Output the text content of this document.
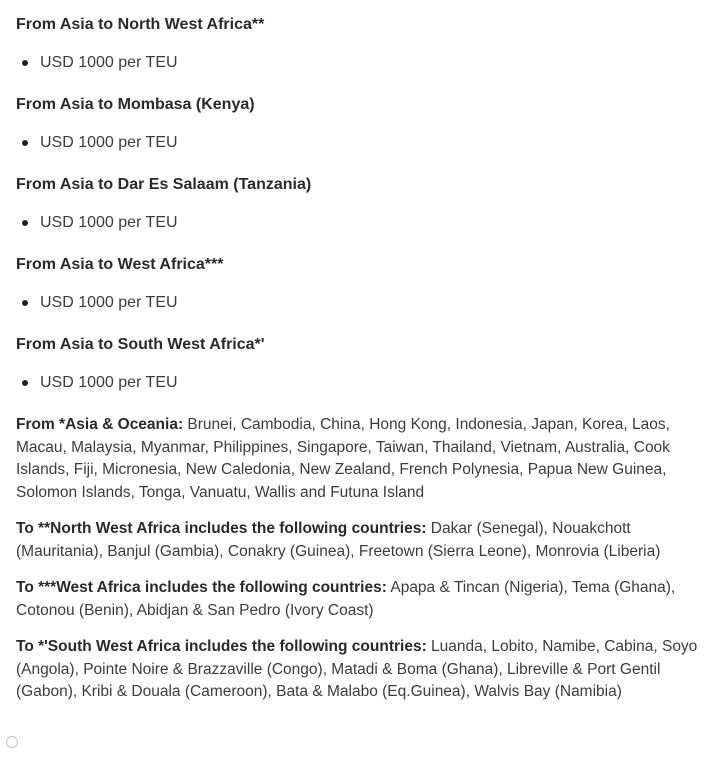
From Asia to North West Africa**
USD 1000 per TEU
From Asia to Mombasa (Kenya)
USD 1000 per TEU
From Asia to Dar Es Salaam (Tanzania)
USD 1000 per TEU
From Asia to West Africa***
USD 1000 per TEU
From Asia to South West Africa*'
USD 1000 per TEU

From *Asia & Oceania: Brunei, Cambodia, China, Hong Kong, Indonesia, Japan, Korea, Laos, Macau, Malaysia, Myanmar, Philippines, Singapore, Taiwan, Thailand, Vietnam, Australia, Cook Islands, Fiji, Micronesia, New Caledonia, New Zealand, French Polynesia, Papua New Guinea, Solomon Islands, Tonga, Vanuatu, Wallis and Futuna Island

To **North West Africa includes the following countries: Dakar (Senegal), Nouakchott (Mauritania), Banjul (Gambia), Conakry (Guinea), Freetown (Sierra Leone), Monrovia (Liberia)

To ***West Africa includes the following countries: Apapa & Tincan (Nigeria), Tema (Ghana), Cotonou (Benin), Abidjan & San Pedro (Ivory Coast)

To *'South West Africa includes the following countries: Luanda, Lobito, Namibe, Cabina, Soyo (Angola), Pointe Noire & Brazzaville (Congo), Matadi & Boma (Ghana), Libreville & Port Gentil (Gabon), Kribi & Douala (Cameroon), Bata & Malabo (Eq.Guinea), Walvis Bay (Namibia)
